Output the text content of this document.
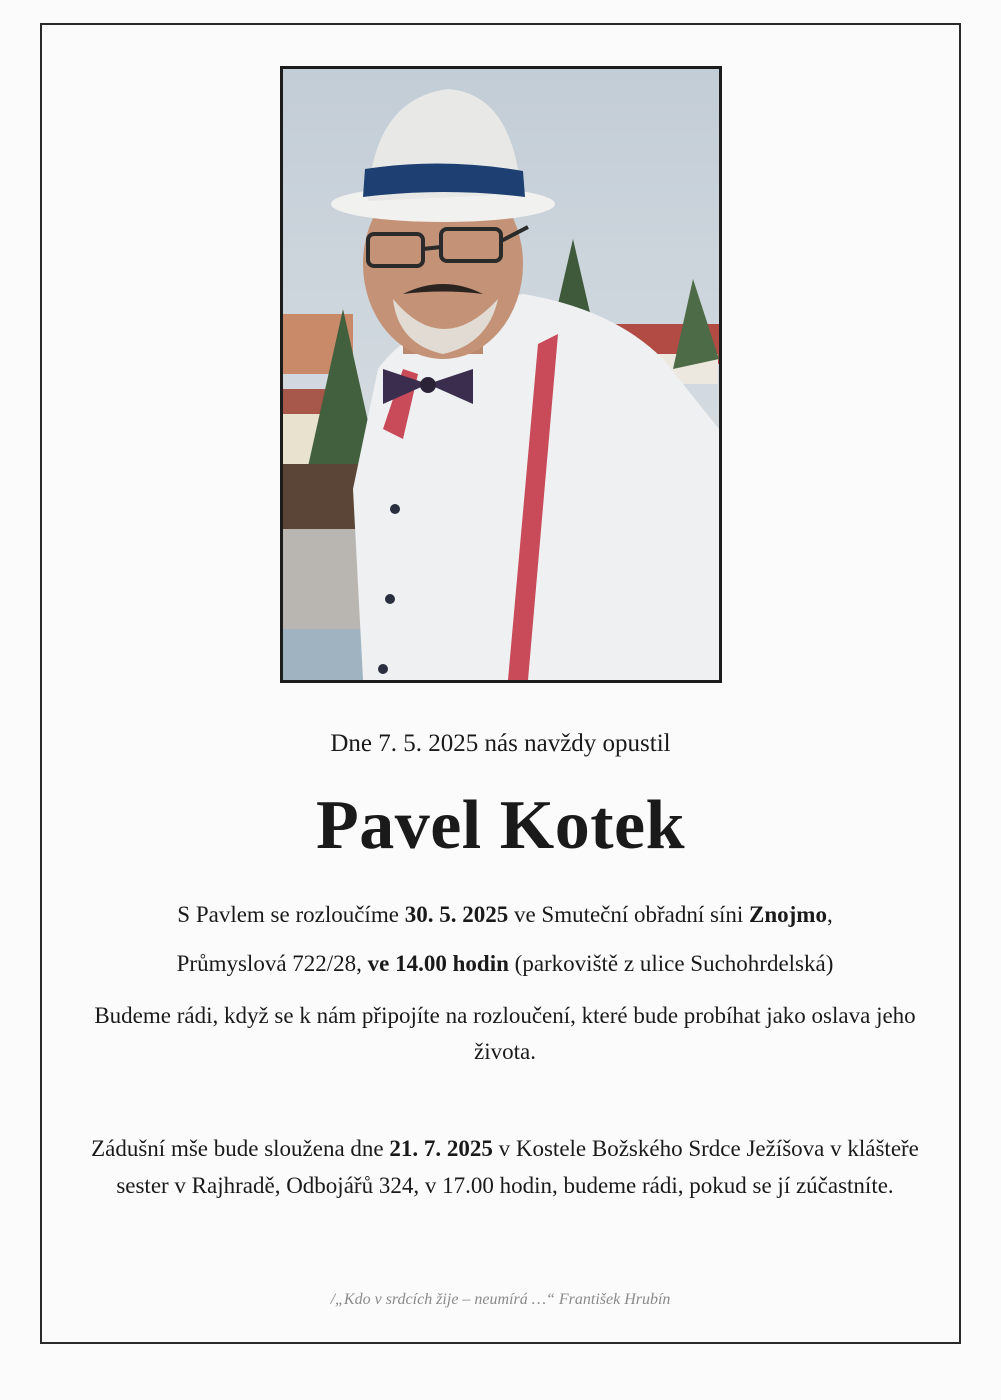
Dne 7. 5. 2025 nás navždy opustil
Pavel Kotek
S Pavlem se rozloučíme 30. 5. 2025 ve Smuteční obřadní síni Znojmo,
Průmyslová 722/28, ve 14.00 hodin (parkoviště z ulice Suchohrdelská)
Budeme rádi, když se k nám připojíte na rozloučení, které bude probíhat jako oslava jeho života.
Zádušní mše bude sloužena dne 21. 7. 2025 v Kostele Božského Srdce Ježíšova v klášteře sester v Rajhradě, Odbojářů 324, v 17.00 hodin, budeme rádi, pokud se jí zúčastníte.
/„Kdo v srdcích žije – neumírá …“ František Hrubín
